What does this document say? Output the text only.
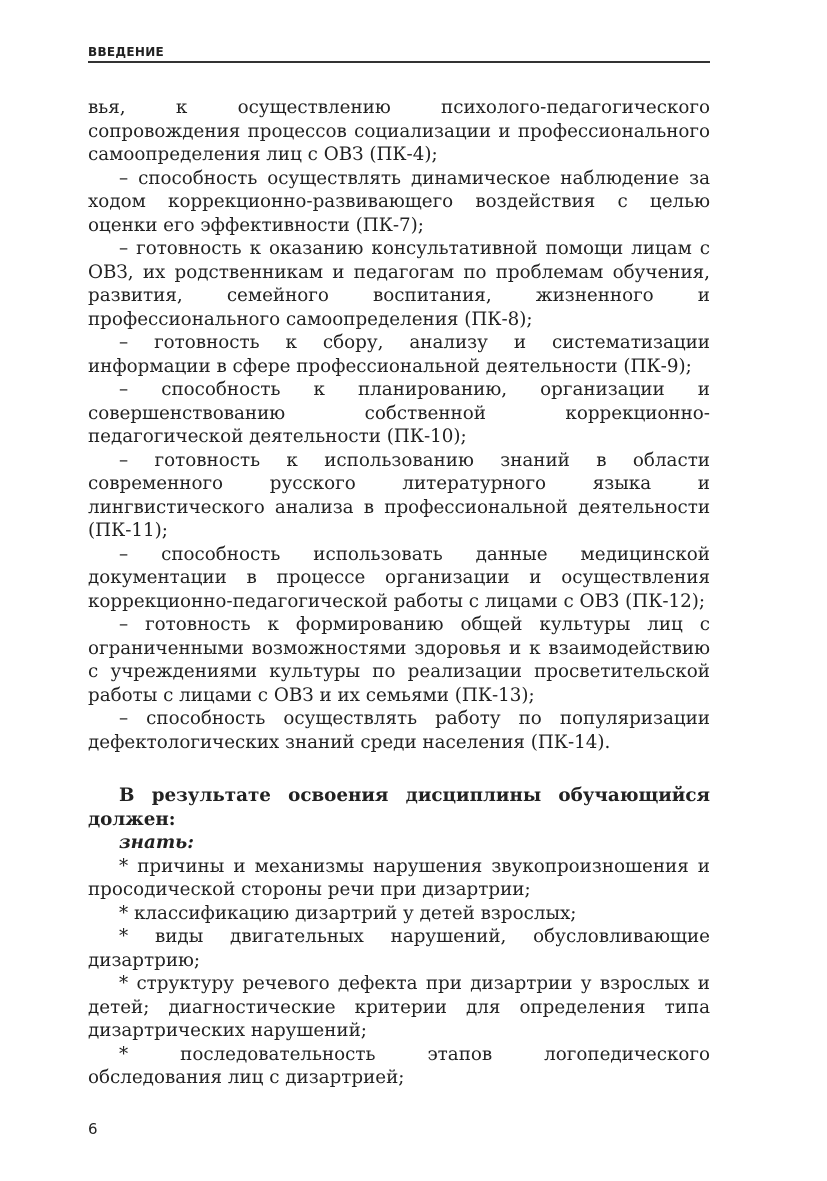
ВВЕДЕНИЕ

вья, к осуществлению психолого-педагогического сопровождения процессов социализации и профессионального самоопределения лиц с ОВЗ (ПК-4);

– способность осуществлять динамическое наблюдение за ходом коррекционно-развивающего воздействия с целью оценки его эффективности (ПК-7);

– готовность к оказанию консультативной помощи лицам с ОВЗ, их родственникам и педагогам по проблемам обучения, развития, семейного воспитания, жизненного и профессионального самоопределения (ПК-8);

– готовность к сбору, анализу и систематизации информации в сфере профессиональной деятельности (ПК-9);

– способность к планированию, организации и совершенствованию собственной коррекционно-педагогической деятельности (ПК-10);

– готовность к использованию знаний в области современного русского литературного языка и лингвистического анализа в профессиональной деятельности (ПК-11);

– способность использовать данные медицинской документации в процессе организации и осуществления коррекционно-педагогической работы с лицами с ОВЗ (ПК-12);

– готовность к формированию общей культуры лиц с ограниченными возможностями здоровья и к взаимодействию с учреждениями культуры по реализации просветительской работы с лицами с ОВЗ и их семьями (ПК-13);

– способность осуществлять работу по популяризации дефектологических знаний среди населения (ПК-14).

В результате освоения дисциплины обучающийся должен:

знать:

* причины и механизмы нарушения звукопроизношения и просодической стороны речи при дизартрии;

* классификацию дизартрий у детей взрослых;

* виды двигательных нарушений, обусловливающие дизартрию;

* структуру речевого дефекта при дизартрии у взрослых и детей; диагностические критерии для определения типа дизартрических нарушений;

* последовательность этапов логопедического обследования лиц с дизартрией;

6
